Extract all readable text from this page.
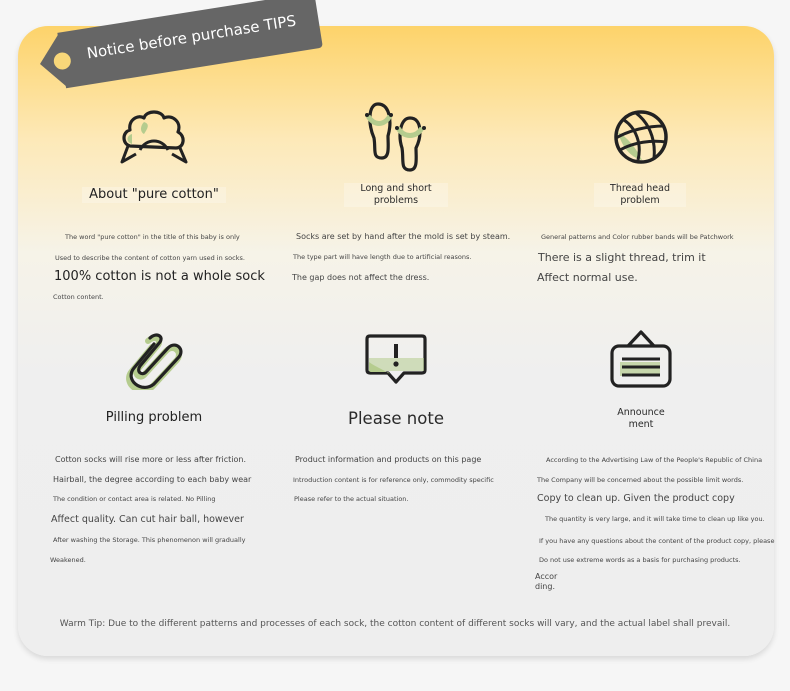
Notice before purchase TIPS
About "pure cotton"
The word "pure cotton" in the title of this baby is only
Used to describe the content of cotton yarn used in socks.
100% cotton is not a whole sock
Cotton content.
Long and short
problems
Socks are set by hand after the mold is set by steam.
The type part will have length due to artificial reasons.
The gap does not affect the dress.
Thread head
problem
General patterns and Color rubber bands will be Patchwork
There is a slight thread, trim it
Affect normal use.
Pilling problem
Cotton socks will rise more or less after friction.
Hairball, the degree according to each baby wear
The condition or contact area is related. No Pilling
Affect quality. Can cut hair ball, however
After washing the Storage. This phenomenon will gradually
Weakened.
Please note
Product information and products on this page
Introduction content is for reference only, commodity specific
Please refer to the actual situation.
Announce
ment
According to the Advertising Law of the People's Republic of China
The Company will be concerned about the possible limit words.
Copy to clean up. Given the product copy
The quantity is very large, and it will take time to clean up like you.
If you have any questions about the content of the product copy, please
Do not use extreme words as a basis for purchasing products.
Accor
ding.
Warm Tip: Due to the different patterns and processes of each sock, the cotton content of different socks will vary, and the actual label shall prevail.
